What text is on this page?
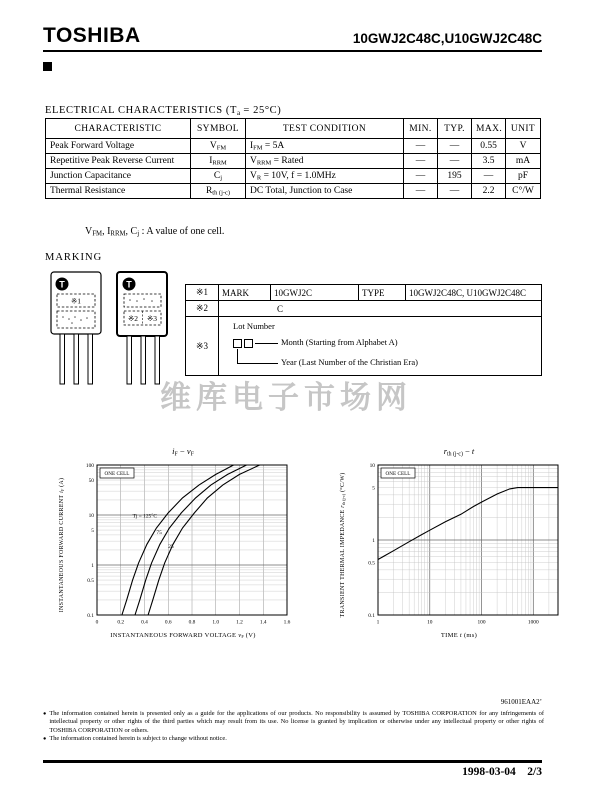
TOSHIBA	10GWJ2C48C,U10GWJ2C48C
ELECTRICAL CHARACTERISTICS $(T_a = 25^\circ C)$
CHARACTERISTIC	SYMBOL	TEST CONDITION	MIN.	TYP.	MAX.	UNIT
Peak Forward Voltage	$V_{FM}$	$I_{FM} = 5A$	—	—	0.55	V
Repetitive Peak Reverse Current	$I_{RRM}$	$V_{RRM}$ = Rated	—	—	3.5	mA
Junction Capacitance	$C_j$	$V_R = 10V$, f = 1.0MHz	—	195	—	pF
Thermal Resistance	$R_{th (j-c)}$	DC Total, Junction to Case	—	—	2.2	C°/W
$V_{FM}$, $I_{RRM}$, $C_j$ : A value of one cell.
MARKING
T
※1
T
※2 ※3
※1	MARK	10GWJ2C	TYPE	10GWJ2C48C, U10GWJ2C48C
※2	C			
※3	Lot Number
Month (Starting from Alphabet A)
Year (Last Number of the Christian Era)			
维库电子市场网
$i_F - v_F$
INSTANTANEOUS FORWARD CURRENT $i_F$ (A)
0	0.2	0.4	0.6	0.8	1.0	1.2	1.4	1.6
100
50
10
5
1
0.5
0.1
Tj = 125°C
75
25
ONE CELL
INSTANTANEOUS FORWARD VOLTAGE $v_F$ (V)
$r_{th (j-c)} - t$
TRANSIENT THERMAL IMPEDANCE $r_{th (j-c)}$ (°C/W)
1	10	100	1000
10
5
1
0.5
0.1
ONE CELL
TIME t (ms)
961001EAA2’
● The information contained herein is presented only as a guide for the applications of our products. No responsibility is assumed by TOSHIBA CORPORATION for any infringements of intellectual property or other rights of the third parties which may result from its use. No license is granted by implication or otherwise under any intellectual property or other rights of TOSHIBA CORPORATION or others.
● The information contained herein is subject to change without notice.
1998-03-04 2/3
